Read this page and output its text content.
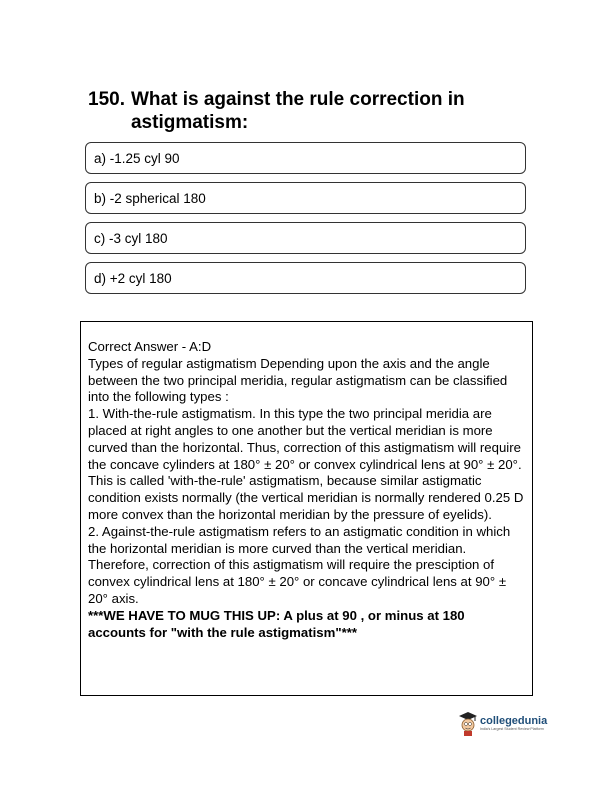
150. What is against the rule correction in astigmatism:
a) -1.25 cyl 90
b) -2 spherical 180
c) -3 cyl 180
d) +2 cyl 180

Correct Answer - A:D

Types of regular astigmatism Depending upon the axis and the angle between the two principal meridia, regular astigmatism can be classified into the following types :

1. With-the-rule astigmatism. In this type the two principal meridia are placed at right angles to one another but the vertical meridian is more curved than the horizontal. Thus, correction of this astigmatism will require the concave cylinders at 180° ± 20° or convex cylindrical lens at 90° ± 20°. This is called 'with-the-rule' astigmatism, because similar astigmatic condition exists normally (the vertical meridian is normally rendered 0.25 D more convex than the horizontal meridian by the pressure of eyelids).

2. Against-the-rule astigmatism refers to an astigmatic condition in which the horizontal meridian is more curved than the vertical meridian. Therefore, correction of this astigmatism will require the presciption of convex cylindrical lens at 180° ± 20° or concave cylindrical lens at 90° ± 20° axis.

***WE HAVE TO MUG THIS UP: A plus at 90 , or minus at 180 accounts for "with the rule astigmatism"***

collegedunia
India's Largest Student Review Platform
